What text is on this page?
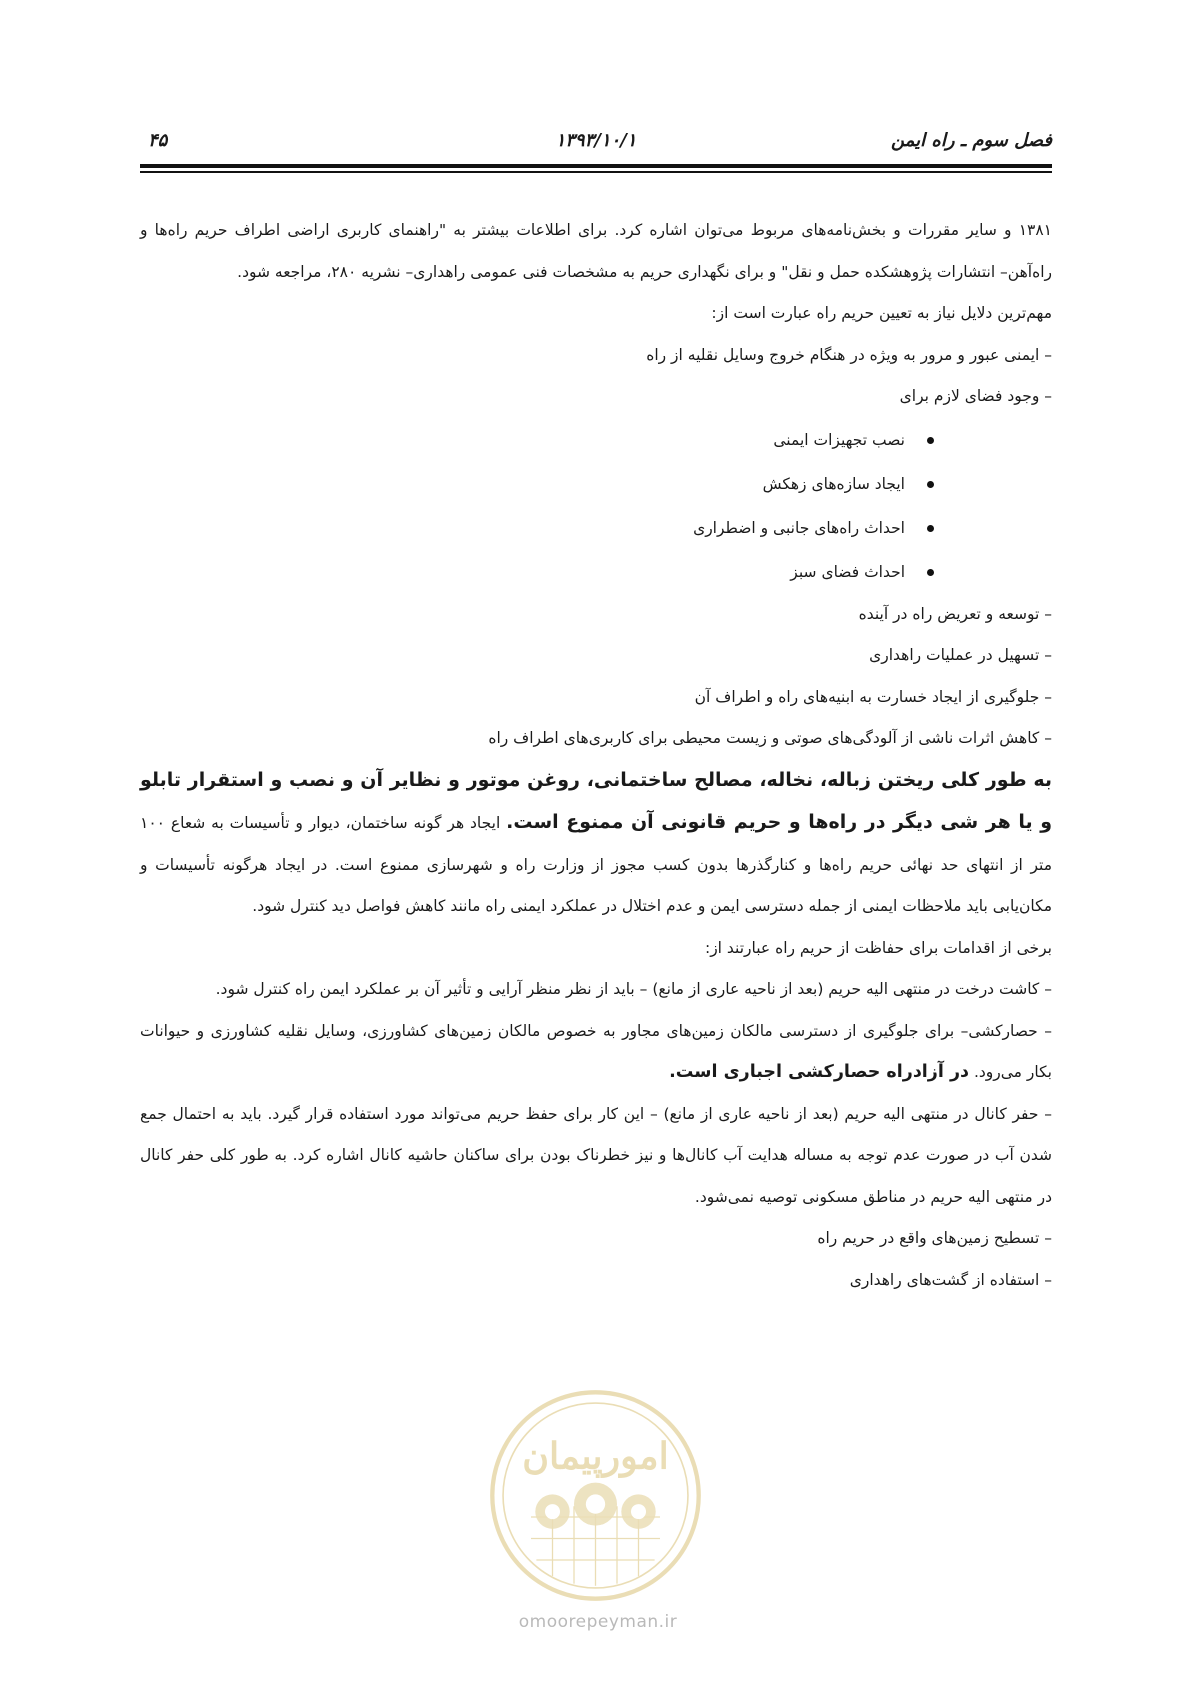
فصل سوم ـ راه ایمن
۱۳۹۳/۱۰/۱
۴۵

۱۳۸۱ و سایر مقررات و بخش‌نامه‌های مربوط می‌توان اشاره کرد. برای اطلاعات بیشتر به "راهنمای کاربری اراضی اطراف حریم راه‌ها و راه‌آهن– انتشارات پژوهشکده حمل و نقل" و برای نگهداری حریم به مشخصات فنی عمومی راهداری– نشریه ۲۸۰، مراجعه شود.

مهم‌ترین دلایل نیاز به تعیین حریم راه عبارت است از:

– ایمنی عبور و مرور به ویژه در هنگام خروج وسایل نقلیه از راه

– وجود فضای لازم برای

نصب تجهیزات ایمنی
ایجاد سازه‌های زهکش
احداث راه‌های جانبی و اضطراری
احداث فضای سبز

– توسعه و تعریض راه در آینده

– تسهیل در عملیات راهداری

– جلوگیری از ایجاد خسارت به ابنیه‌های راه و اطراف آن

– کاهش اثرات ناشی از آلودگی‌های صوتی و زیست محیطی برای کاربری‌های اطراف راه

به طور کلی ریختن زباله، نخاله، مصالح ساختمانی، روغن موتور و نظایر آن و نصب و استقرار تابلو و یا هر شی دیگر در راه‌ها و حریم قانونی آن ممنوع است. ایجاد هر گونه ساختمان، دیوار و تأسیسات به شعاع ۱۰۰ متر از انتهای حد نهائی حریم راه‌ها و کنارگذرها بدون کسب مجوز از وزارت راه و شهرسازی ممنوع است. در ایجاد هرگونه تأسیسات و مکان‌یابی باید ملاحظات ایمنی از جمله دسترسی ایمن و عدم اختلال در عملکرد ایمنی راه مانند کاهش فواصل دید کنترل شود.

برخی از اقدامات برای حفاظت از حریم راه عبارتند از:

– کاشت درخت در منتهی الیه حریم (بعد از ناحیه عاری از مانع) – باید از نظر منظر آرایی و تأثیر آن بر عملکرد ایمن راه کنترل شود.

– حصارکشی– برای جلوگیری از دسترسی مالکان زمین‌های مجاور به خصوص مالکان زمین‌های کشاورزی، وسایل نقلیه کشاورزی و حیوانات بکار می‌رود. در آزادراه حصارکشی اجباری است.

– حفر کانال در منتهی الیه حریم (بعد از ناحیه عاری از مانع) – این کار برای حفظ حریم می‌تواند مورد استفاده قرار گیرد. باید به احتمال جمع شدن آب در صورت عدم توجه به مساله هدایت آب کانال‌ها و نیز خطرناک بودن برای ساکنان حاشیه کانال اشاره کرد. به طور کلی حفر کانال در منتهی الیه حریم در مناطق مسکونی توصیه نمی‌شود.

– تسطیح زمین‌های واقع در حریم راه

– استفاده از گشت‌های راهداری

امورپیمان
omoorepeyman.ir
